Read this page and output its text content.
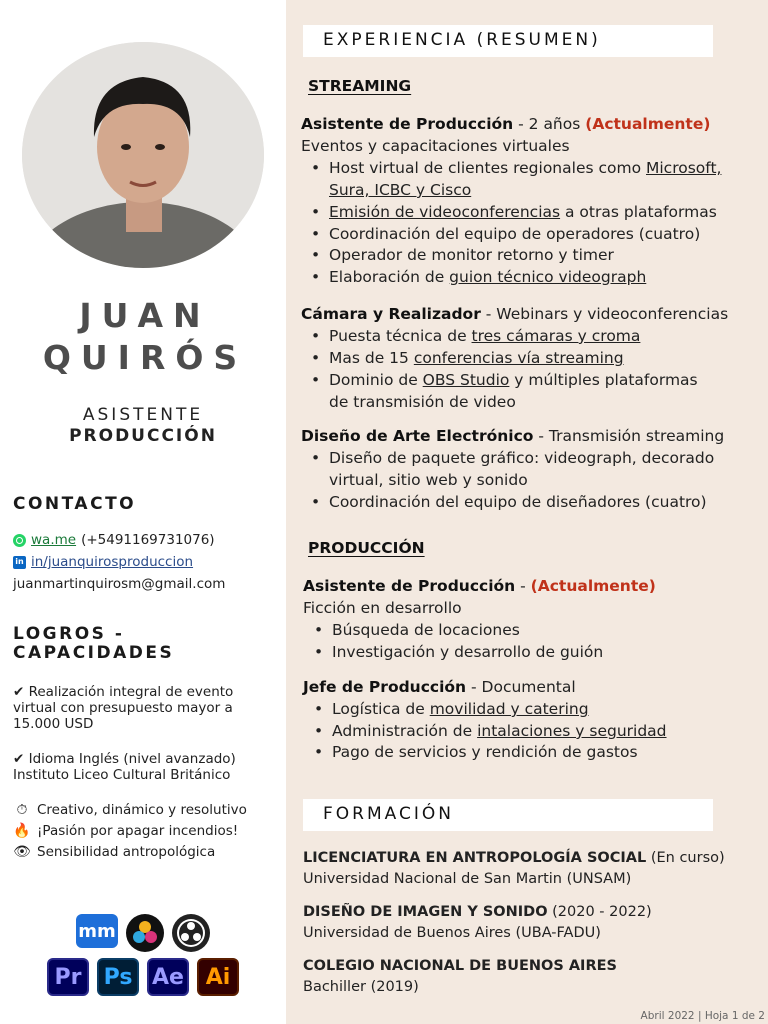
JUAN
QUIRÓS
ASISTENTE
PRODUCCIÓN
CONTACTO
wa.me (+5491169731076)
in in/juanquirosproduccion
juanmartinquirosm@gmail.com
LOGROS -
CAPACIDADES
✔ Realización integral de evento
virtual con presupuesto mayor a
15.000 USD
✔ Idioma Inglés (nivel avanzado)
Instituto Liceo Cultural Británico
⏱ Creativo, dinámico y resolutivo
🔥 ¡Pasión por apagar incendios!
👁 Sensibilidad antropológica
mm
Pr	Ps Ae Ai
EXPERIENCIA (RESUMEN)
STREAMING
Asistente de Producción - 2 años (Actualmente)
Eventos y capacitaciones virtuales
• Host virtual de clientes regionales como Microsoft,
Sura, ICBC y Cisco
• Emisión de videoconferencias a otras plataformas
• Coordinación del equipo de operadores (cuatro)
• Operador de monitor retorno y timer
• Elaboración de guion técnico videograph
Cámara y Realizador - Webinars y videoconferencias
• Puesta técnica de tres cámaras y croma
• Mas de 15 conferencias vía streaming
• Dominio de OBS Studio y múltiples plataformas
de transmisión de video
Diseño de Arte Electrónico - Transmisión streaming
• Diseño de paquete gráfico: videograph, decorado
virtual, sitio web y sonido
• Coordinación del equipo de diseñadores (cuatro)
PRODUCCIÓN
Asistente de Producción - (Actualmente)
Ficción en desarrollo
• Búsqueda de locaciones
• Investigación y desarrollo de guión
Jefe de Producción - Documental
• Logística de movilidad y catering
• Administración de intalaciones y seguridad
• Pago de servicios y rendición de gastos
FORMACIÓN
LICENCIATURA EN ANTROPOLOGÍA SOCIAL (En curso)
Universidad Nacional de San Martin (UNSAM)
DISEÑO DE IMAGEN Y SONIDO (2020 - 2022)
Universidad de Buenos Aires (UBA-FADU)
COLEGIO NACIONAL DE BUENOS AIRES
Bachiller (2019)
Abril 2022 | Hoja 1 de 2
